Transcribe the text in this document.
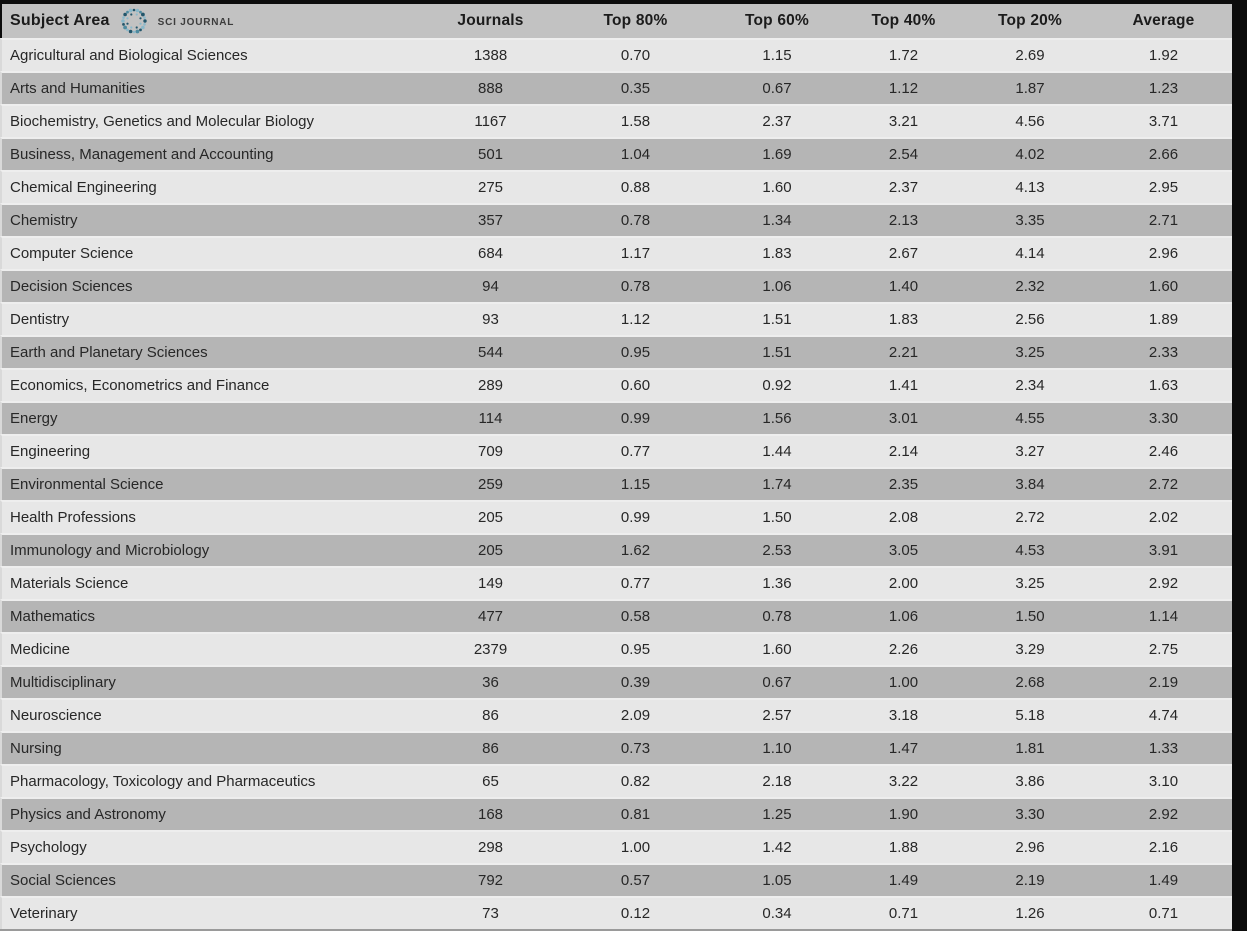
Subject Area	SCI JOURNAL	Journals	Top 80%	Top 60%	Top 40%	Top 20%	Average
Agricultural and Biological Sciences	1388	0.70	1.15	1.72	2.69	1.92
Arts and Humanities	888	0.35	0.67	1.12	1.87	1.23
Biochemistry, Genetics and Molecular Biology	1167	1.58	2.37	3.21	4.56	3.71
Business, Management and Accounting	501	1.04	1.69	2.54	4.02	2.66
Chemical Engineering	275	0.88	1.60	2.37	4.13	2.95
Chemistry	357	0.78	1.34	2.13	3.35	2.71
Computer Science	684	1.17	1.83	2.67	4.14	2.96
Decision Sciences	94	0.78	1.06	1.40	2.32	1.60
Dentistry	93	1.12	1.51	1.83	2.56	1.89
Earth and Planetary Sciences	544	0.95	1.51	2.21	3.25	2.33
Economics, Econometrics and Finance	289	0.60	0.92	1.41	2.34	1.63
Energy	114	0.99	1.56	3.01	4.55	3.30
Engineering	709	0.77	1.44	2.14	3.27	2.46
Environmental Science	259	1.15	1.74	2.35	3.84	2.72
Health Professions	205	0.99	1.50	2.08	2.72	2.02
Immunology and Microbiology	205	1.62	2.53	3.05	4.53	3.91
Materials Science	149	0.77	1.36	2.00	3.25	2.92
Mathematics	477	0.58	0.78	1.06	1.50	1.14
Medicine	2379	0.95	1.60	2.26	3.29	2.75
Multidisciplinary	36	0.39	0.67	1.00	2.68	2.19
Neuroscience	86	2.09	2.57	3.18	5.18	4.74
Nursing	86	0.73	1.10	1.47	1.81	1.33
Pharmacology, Toxicology and Pharmaceutics	65	0.82	2.18	3.22	3.86	3.10
Physics and Astronomy	168	0.81	1.25	1.90	3.30	2.92
Psychology	298	1.00	1.42	1.88	2.96	2.16
Social Sciences	792	0.57	1.05	1.49	2.19	1.49
Veterinary	73	0.12	0.34	0.71	1.26	0.71
